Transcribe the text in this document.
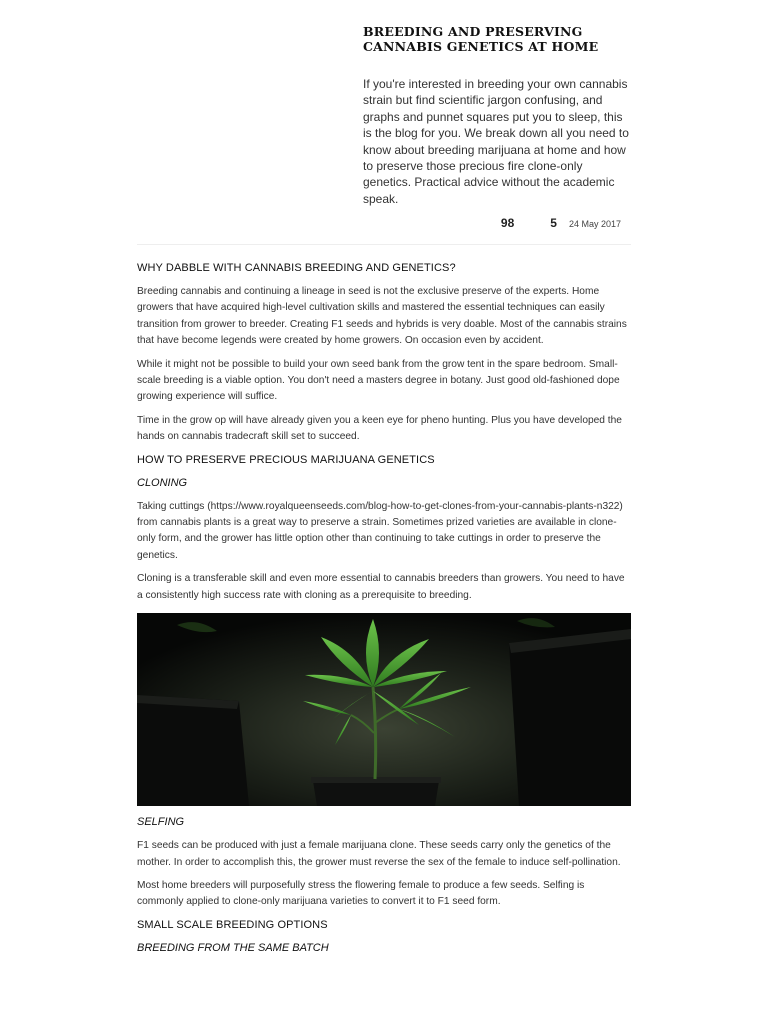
BREEDING AND PRESERVING CANNABIS GENETICS AT HOME
If you're interested in breeding your own cannabis strain but find scientific jargon confusing, and graphs and punnet squares put you to sleep, this is the blog for you. We break down all you need to know about breeding marijuana at home and how to preserve those precious fire clone-only genetics. Practical advice without the academic speak.
98	5 24 May 2017
WHY DABBLE WITH CANNABIS BREEDING AND GENETICS?

Breeding cannabis and continuing a lineage in seed is not the exclusive preserve of the experts. Home growers that have acquired high-level cultivation skills and mastered the essential techniques can easily transition from grower to breeder. Creating F1 seeds and hybrids is very doable. Most of the cannabis strains that have become legends were created by home growers. On occasion even by accident.

While it might not be possible to build your own seed bank from the grow tent in the spare bedroom. Small-scale breeding is a viable option. You don't need a masters degree in botany. Just good old-fashioned dope growing experience will suffice.

Time in the grow op will have already given you a keen eye for pheno hunting. Plus you have developed the hands on cannabis tradecraft skill set to succeed.

HOW TO PRESERVE PRECIOUS MARIJUANA GENETICS
CLONING

Taking cuttings (https://www.royalqueenseeds.com/blog-how-to-get-clones-from-your-cannabis-plants-n322) from cannabis plants is a great way to preserve a strain. Sometimes prized varieties are available in clone-only form, and the grower has little option other than continuing to take cuttings in order to preserve the genetics.

Cloning is a transferable skill and even more essential to cannabis breeders than growers. You need to have a consistently high success rate with cloning as a prerequisite to breeding.

SELFING

F1 seeds can be produced with just a female marijuana clone. These seeds carry only the genetics of the mother. In order to accomplish this, the grower must reverse the sex of the female to induce self-pollination.

Most home breeders will purposefully stress the flowering female to produce a few seeds. Selfing is commonly applied to clone-only marijuana varieties to convert it to F1 seed form.

SMALL SCALE BREEDING OPTIONS
BREEDING FROM THE SAME BATCH
